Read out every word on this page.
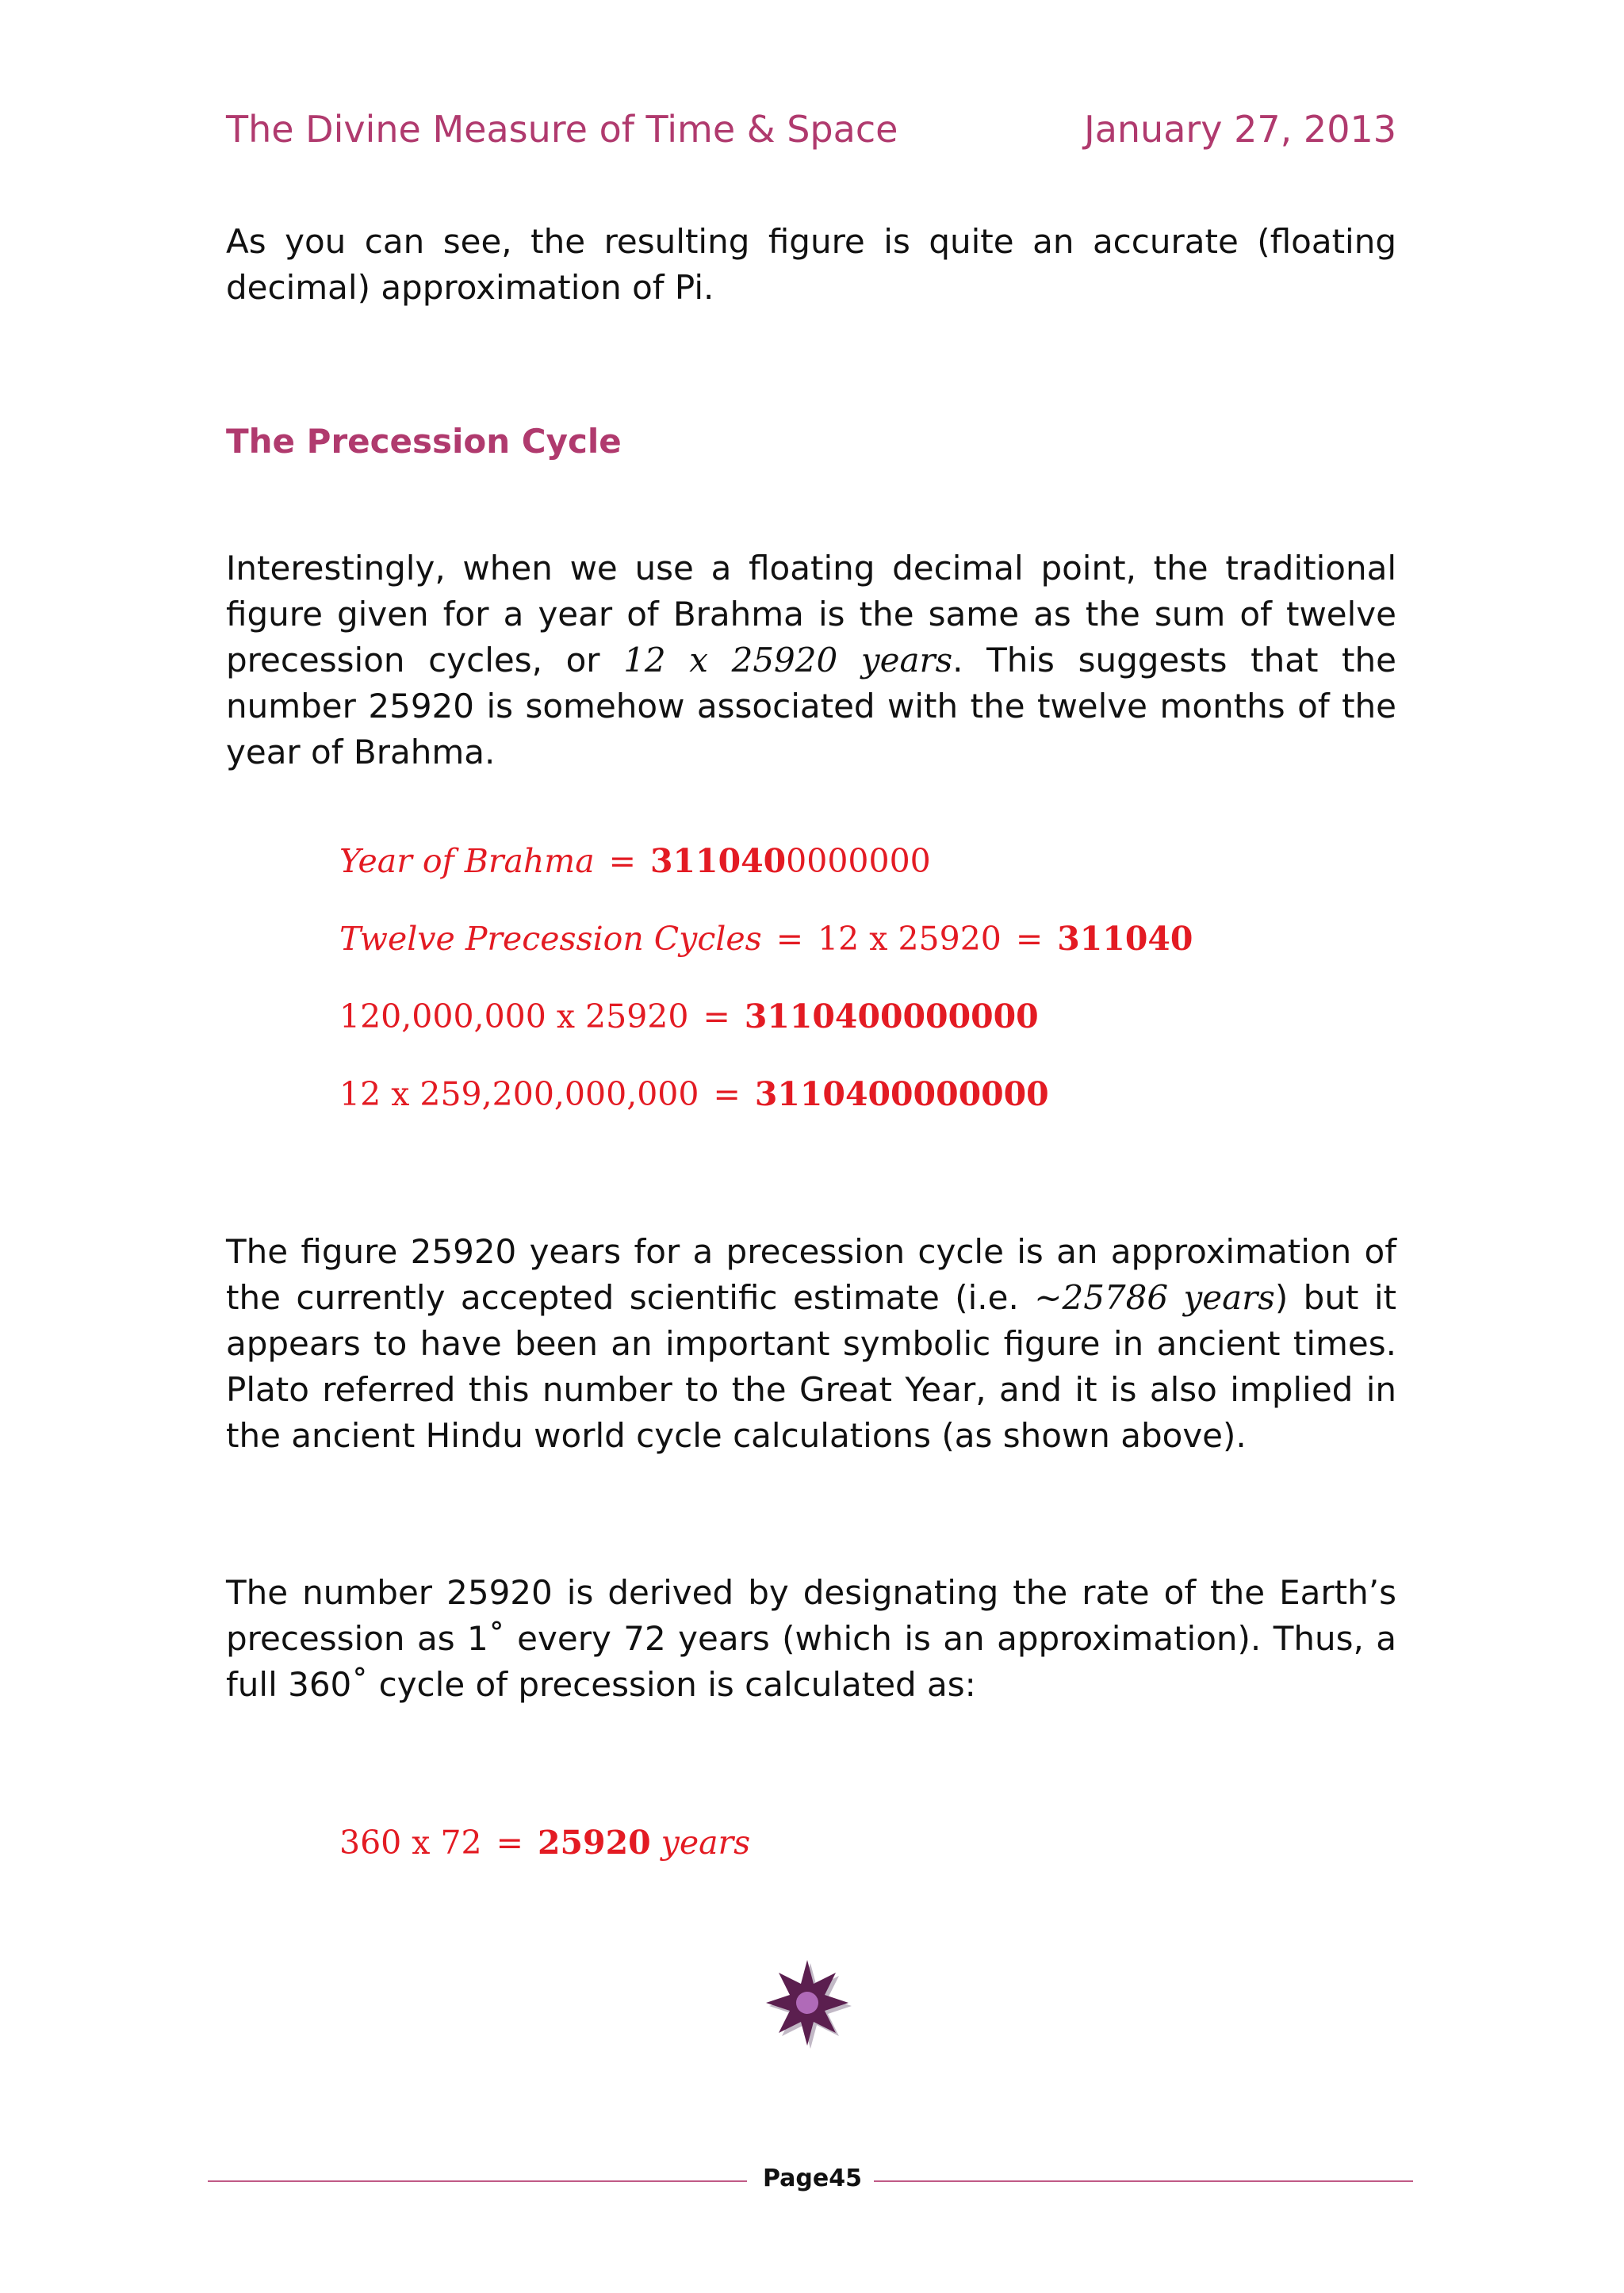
The Divine Measure of Time & Space	January 27, 2013
As you can see, the resulting figure is quite an accurate (floating decimal) approximation of Pi.
The Precession Cycle
Interestingly, when we use a floating decimal point, the traditional figure given for a year of Brahma is the same as the sum of twelve precession cycles, or 12 x 25920 years. This suggests that the number 25920 is somehow associated with the twelve months of the year of Brahma.
Year of Brahma = 3110400000000
Twelve Precession Cycles = 12 x 25920 = 311040
120,000,000 x 25920 = 3110400000000
12 x 259,200,000,000 = 3110400000000
The figure 25920 years for a precession cycle is an approximation of the currently accepted scientific estimate (i.e. ~25786 years) but it appears to have been an important symbolic figure in ancient times. Plato referred this number to the Great Year, and it is also implied in the ancient Hindu world cycle calculations (as shown above).
The number 25920 is derived by designating the rate of the Earth’s precession as 1˚ every 72 years (which is an approximation). Thus, a full 360˚ cycle of precession is calculated as:
360 x 72 = 25920 years
Page45
